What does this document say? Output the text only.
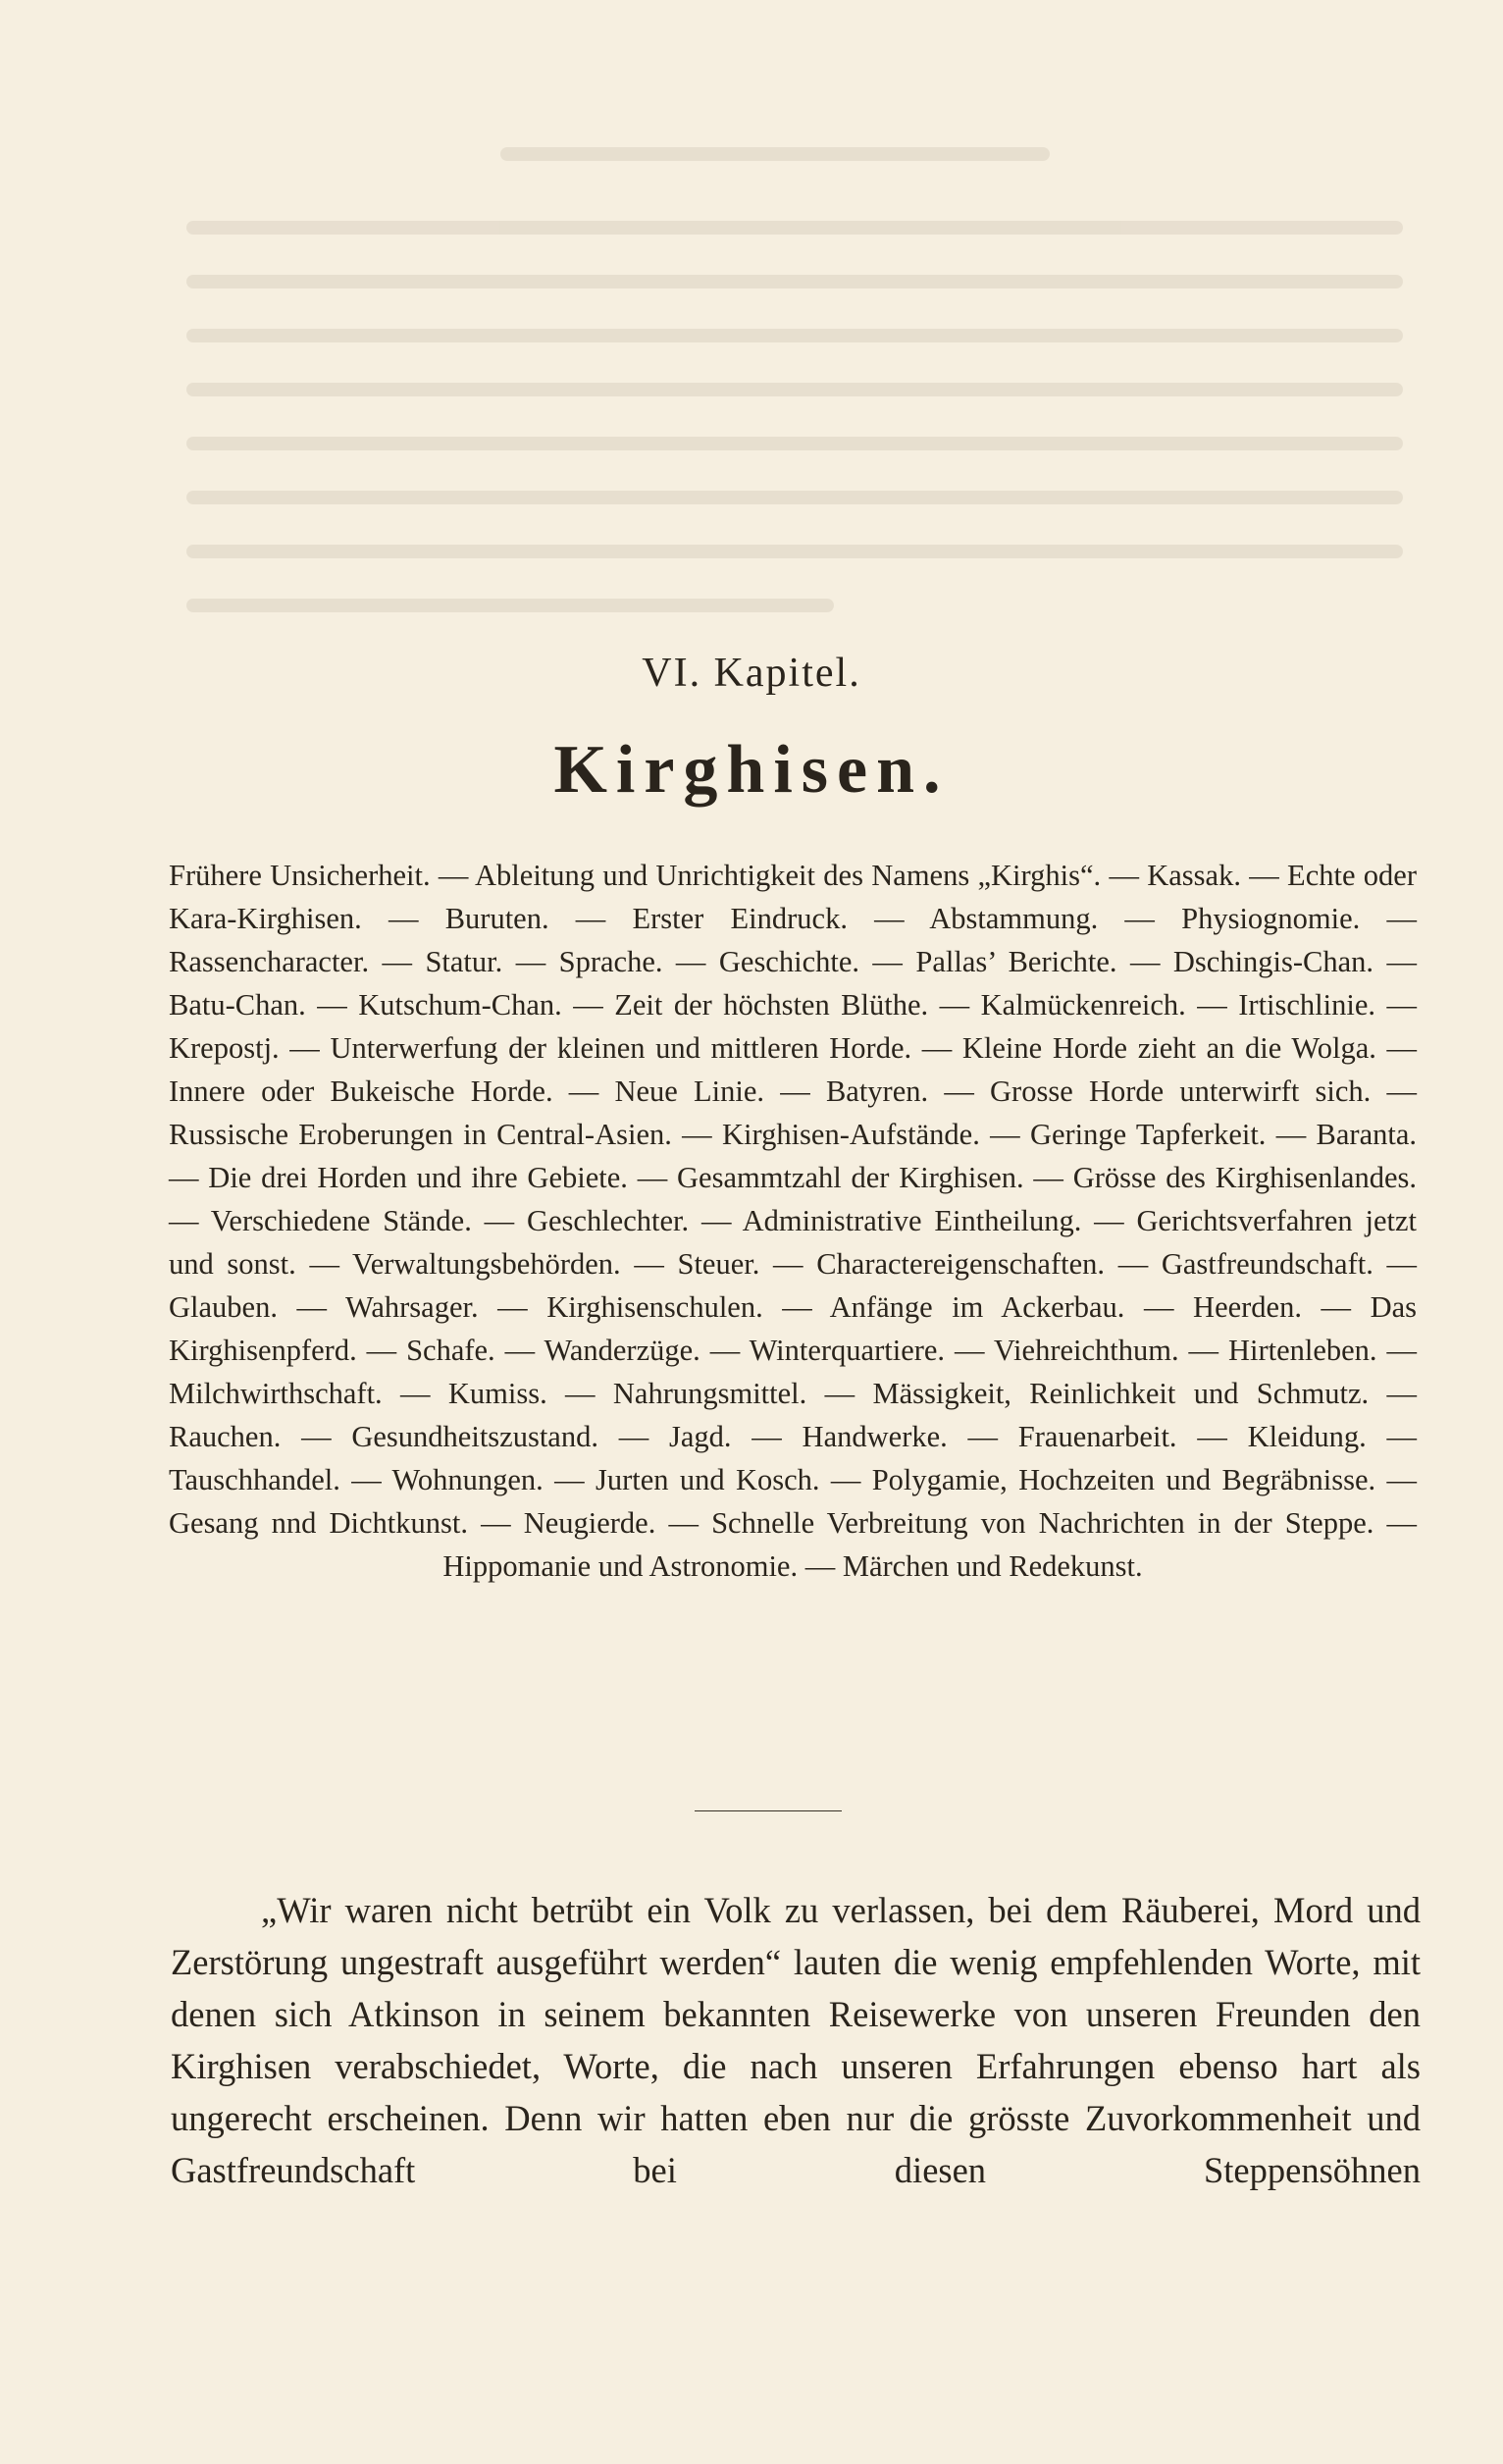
VI. Kapitel.
Kirghisen.
Frühere Unsicherheit. — Ableitung und Unrichtigkeit des Namens „Kirghis“. — Kassak. — Echte oder Kara-Kirghisen. — Buruten. — Erster Eindruck. — Abstammung. — Physiognomie. — Rassencharacter. — Statur. — Sprache. — Geschichte. — Pallas’ Berichte. — Dschingis-Chan. — Batu-Chan. — Kutschum-Chan. — Zeit der höchsten Blüthe. — Kalmückenreich. — Irtischlinie. — Krepostj. — Unterwerfung der kleinen und mittleren Horde. — Kleine Horde zieht an die Wolga. — Innere oder Bukeische Horde. — Neue Linie. — Batyren. — Grosse Horde unterwirft sich. — Russische Eroberungen in Central-Asien. — Kirghisen-Aufstände. — Geringe Tapferkeit. — Baranta. — Die drei Horden und ihre Gebiete. — Gesammtzahl der Kirghisen. — Grösse des Kirghisenlandes. — Verschiedene Stände. — Geschlechter. — Administrative Eintheilung. — Gerichtsverfahren jetzt und sonst. — Verwaltungsbehörden. — Steuer. — Charactereigenschaften. — Gastfreundschaft. — Glauben. — Wahrsager. — Kirghisenschulen. — Anfänge im Ackerbau. — Heerden. — Das Kirghisenpferd. — Schafe. — Wanderzüge. — Winterquartiere. — Viehreichthum. — Hirtenleben. — Milchwirthschaft. — Kumiss. — Nahrungsmittel. — Mässigkeit, Reinlichkeit und Schmutz. — Rauchen. — Gesundheitszustand. — Jagd. — Handwerke. — Frauenarbeit. — Kleidung. — Tauschhandel. — Wohnungen. — Jurten und Kosch. — Polygamie, Hochzeiten und Begräbnisse. — Gesang nnd Dichtkunst. — Neugierde. — Schnelle Verbreitung von Nachrichten in der Steppe. — Hippomanie und Astronomie. — Märchen und Redekunst.
„Wir waren nicht betrübt ein Volk zu verlassen, bei dem Räuberei, Mord und Zerstörung ungestraft ausgeführt werden“ lauten die wenig empfehlenden Worte, mit denen sich Atkinson in seinem bekannten Reisewerke von unseren Freunden den Kirghisen verabschiedet, Worte, die nach unseren Erfahrungen ebenso hart als ungerecht erscheinen. Denn wir hatten eben nur die grösste Zuvorkommenheit und Gastfreundschaft bei diesen Steppensöhnen
